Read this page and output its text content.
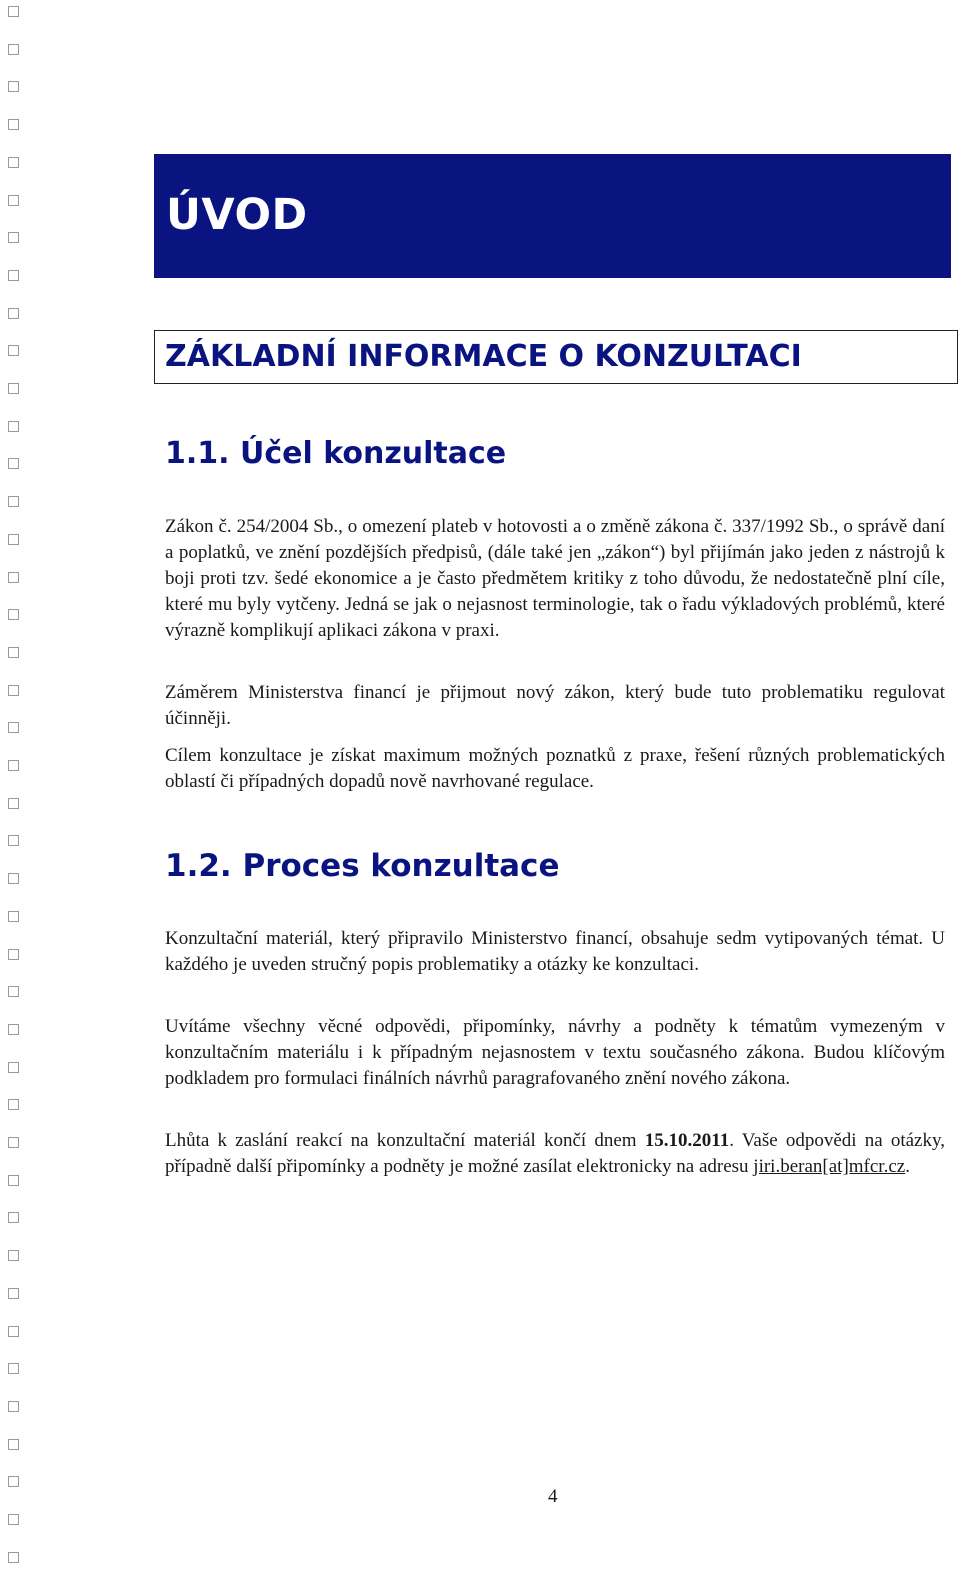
ÚVOD
ZÁKLADNÍ INFORMACE O KONZULTACI
1.1. Účel konzultace

Zákon č. 254/2004 Sb., o omezení plateb v hotovosti a o změně zákona č. 337/1992 Sb., o správě daní a poplatků, ve znění pozdějších předpisů, (dále také jen „zákon“) byl přijímán jako jeden z nástrojů k boji proti tzv. šedé ekonomice a je často předmětem kritiky z toho důvodu, že nedostatečně plní cíle, které mu byly vytčeny. Jedná se jak o nejasnost terminologie, tak o řadu výkladových problémů, které výrazně komplikují aplikaci zákona v praxi.

Záměrem Ministerstva financí je přijmout nový zákon, který bude tuto problematiku regulovat účinněji.

Cílem konzultace je získat maximum možných poznatků z praxe, řešení různých problematických oblastí či případných dopadů nově navrhované regulace.

1.2. Proces konzultace

Konzultační materiál, který připravilo Ministerstvo financí, obsahuje sedm vytipovaných témat. U každého je uveden stručný popis problematiky a otázky ke konzultaci.

Uvítáme všechny věcné odpovědi, připomínky, návrhy a podněty k tématům vymezeným v konzultačním materiálu i k případným nejasnostem v textu současného zákona. Budou klíčovým podkladem pro formulaci finálních návrhů paragrafovaného znění nového zákona.

Lhůta k zaslání reakcí na konzultační materiál končí dnem 15.10.2011. Vaše odpovědi na otázky, případně další připomínky a podněty je možné zasílat elektronicky na adresu jiri.beran[at]mfcr.cz.

4
